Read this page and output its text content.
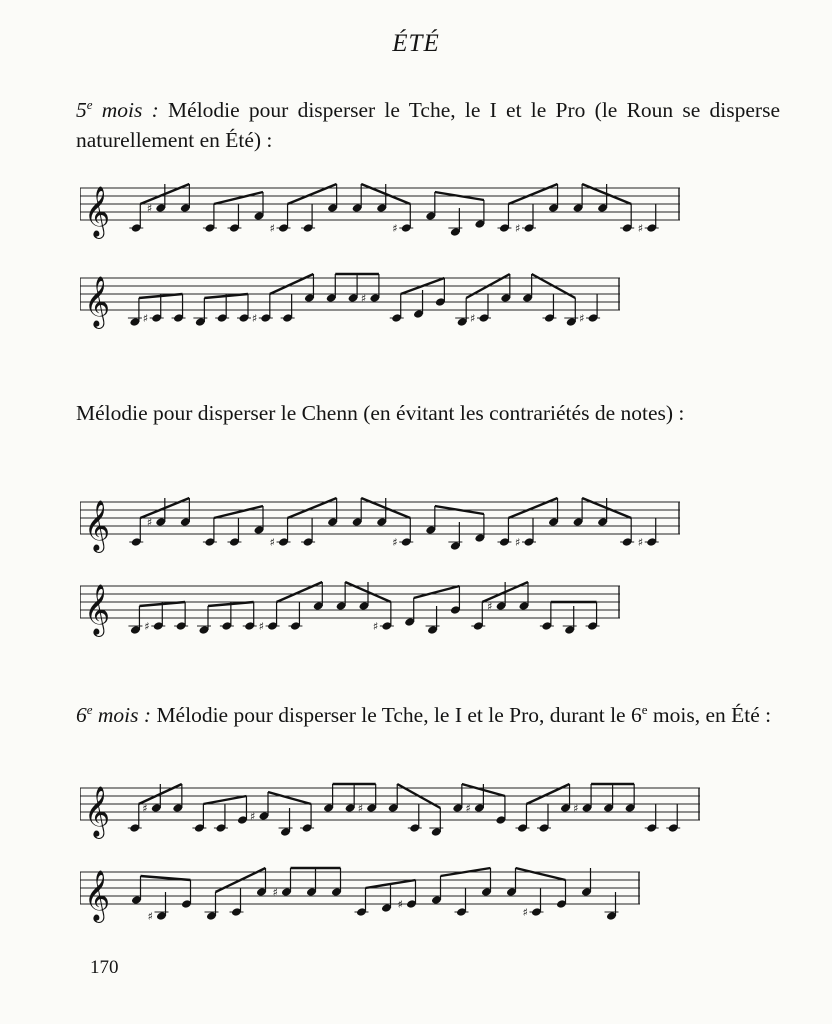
ÉTÉ
5e mois : Mélodie pour disperser le Tche, le I et le Pro (le Roun se disperse naturellement en Été) :
𝄞	♯
♯	♯	♯	♯
𝄞	♯	♯
♯
♯	♯
Mélodie pour disperser le Chenn (en évitant les contrariétés de notes) :
𝄞	♯
♯	♯	♯	♯
𝄞	♯	♯	♯
♯
6e mois : Mélodie pour disperser le Tche, le I et le Pro, durant le 6e mois, en Été :
𝄞	♯
♯
♯	♯	♯
𝄞	♯
♯
♯
♯
170
